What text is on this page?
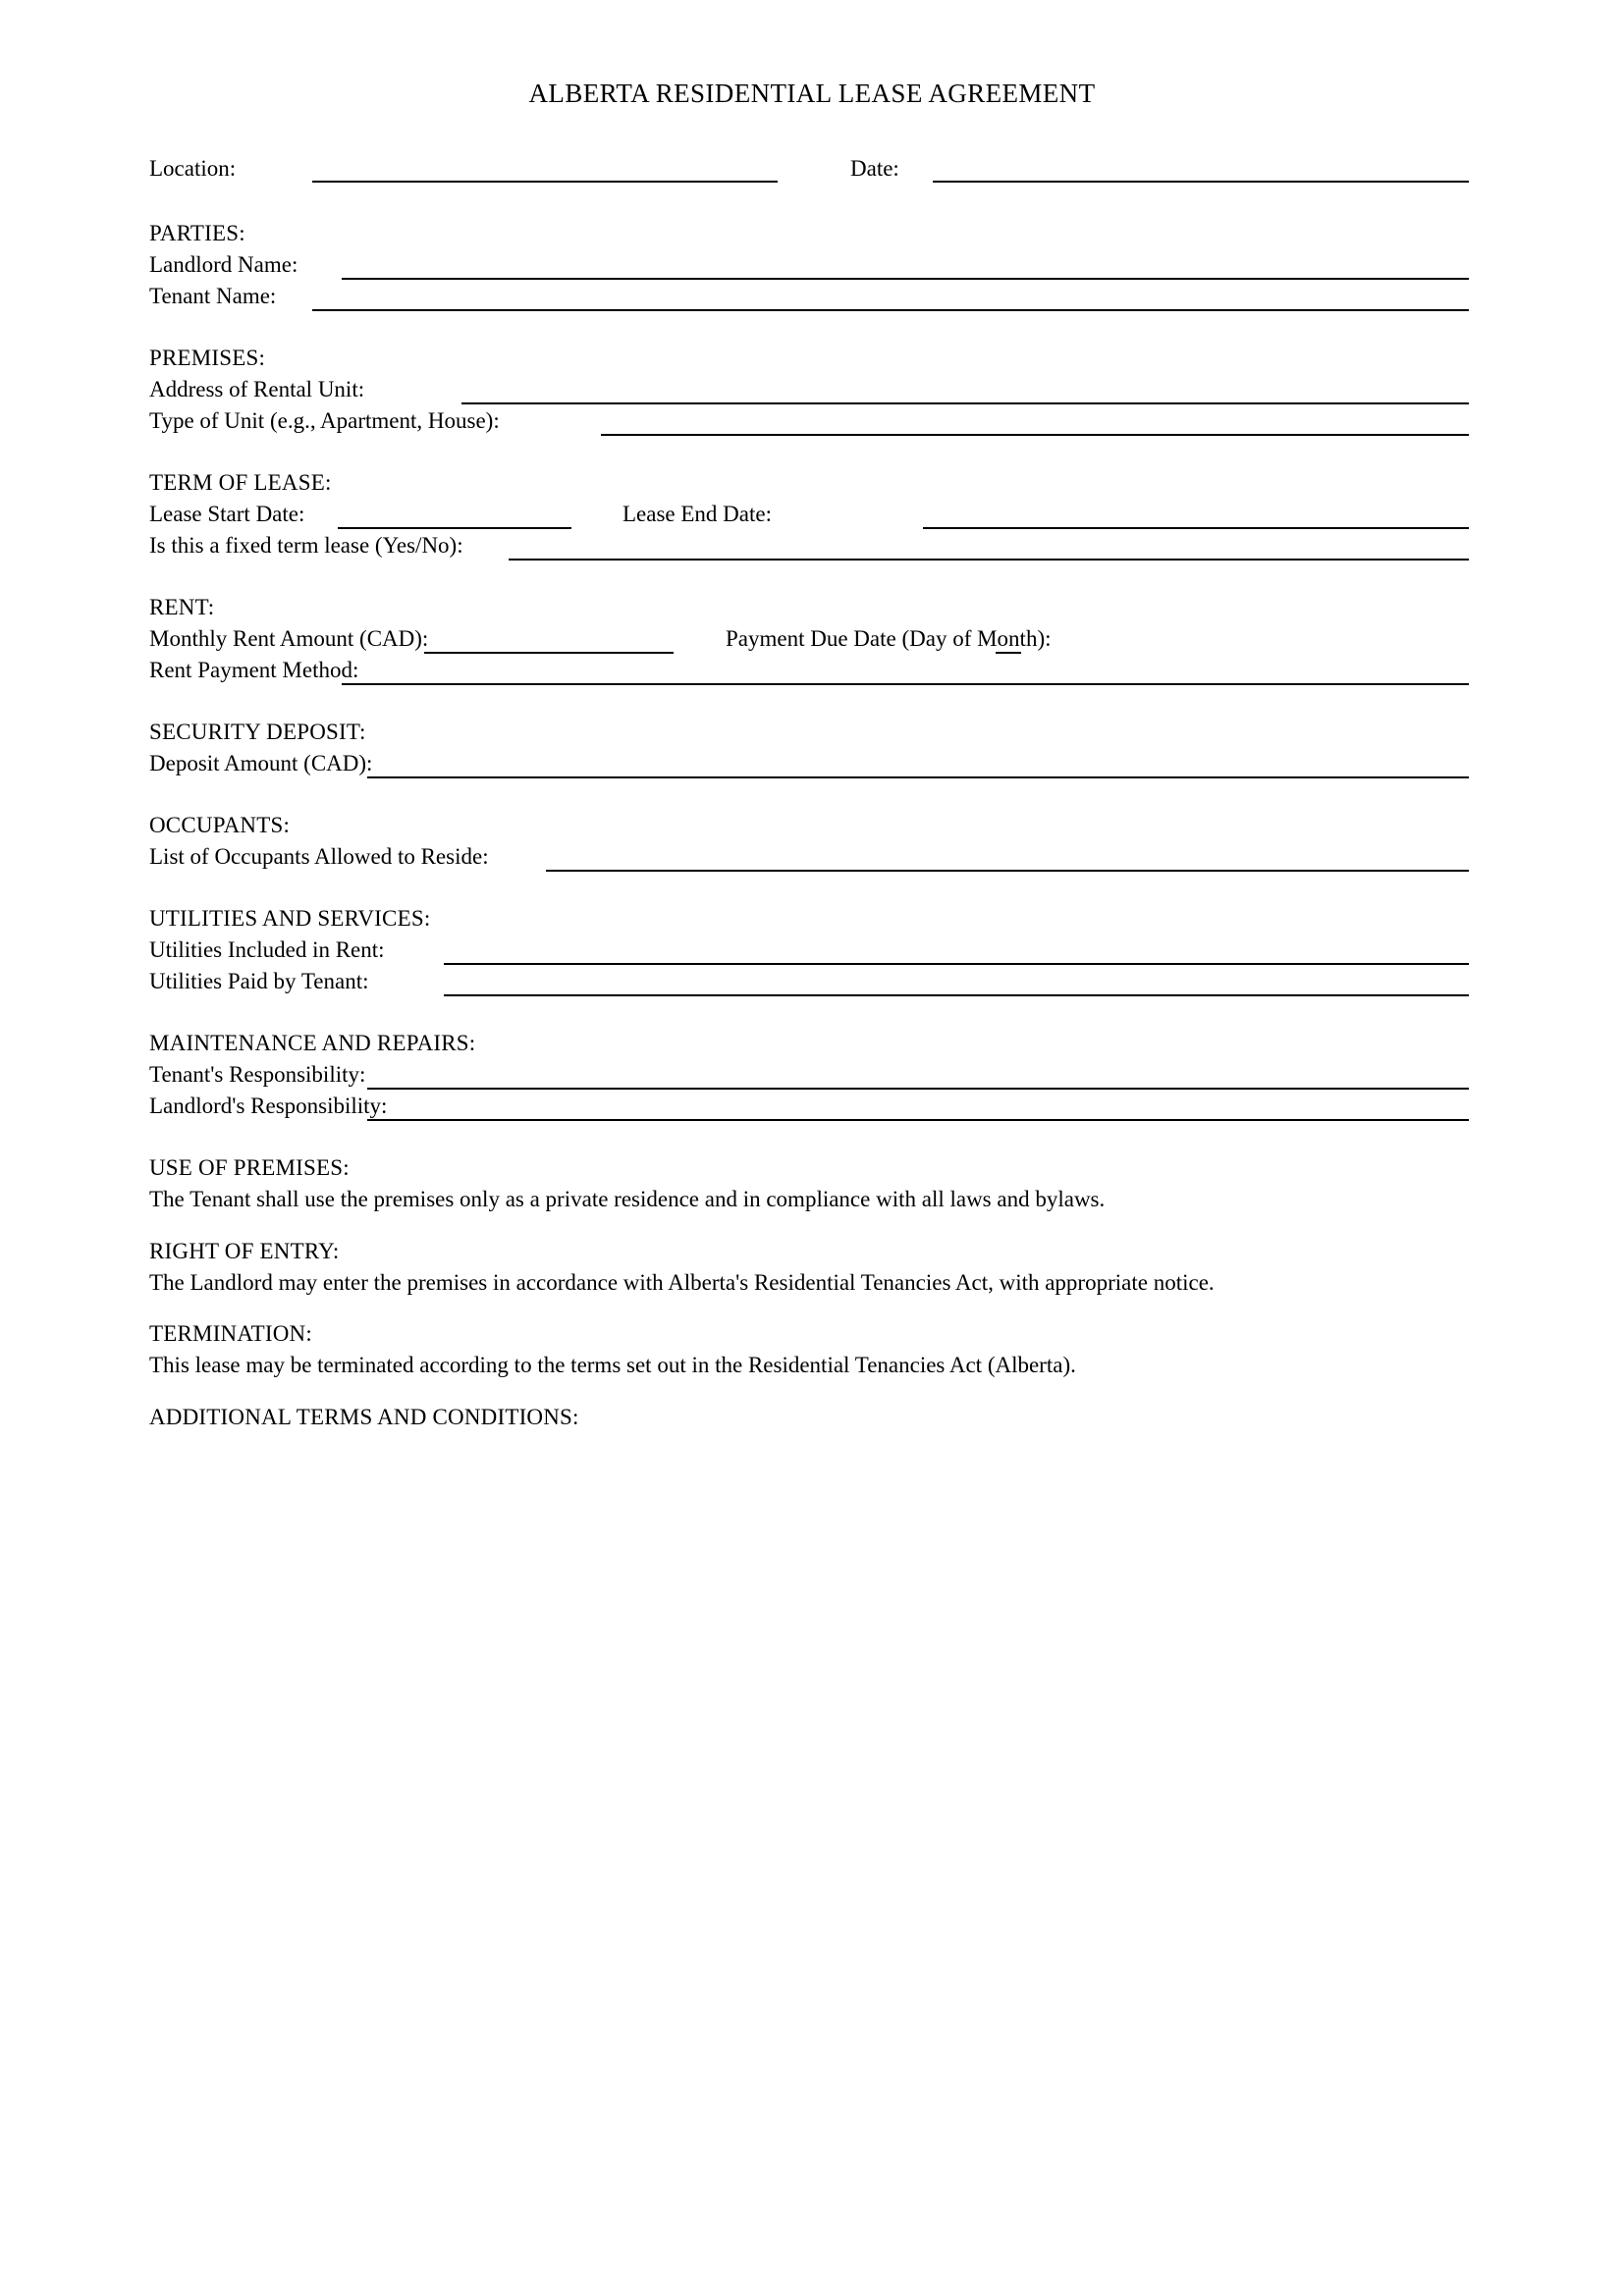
ALBERTA RESIDENTIAL LEASE AGREEMENT
Location:	Date:
PARTIES:
Landlord Name:
Tenant Name:
PREMISES:
Address of Rental Unit:
Type of Unit (e.g., Apartment, House):
TERM OF LEASE:
Lease Start Date:	Lease End Date:
Is this a fixed term lease (Yes/No):
RENT:
Monthly Rent Amount (CAD):	Payment Due Date (Day of Month):
Rent Payment Method:
SECURITY DEPOSIT:
Deposit Amount (CAD):
OCCUPANTS:
List of Occupants Allowed to Reside:
UTILITIES AND SERVICES:
Utilities Included in Rent:
Utilities Paid by Tenant:
MAINTENANCE AND REPAIRS:
Tenant's Responsibility:
Landlord's Responsibility:
USE OF PREMISES:
The Tenant shall use the premises only as a private residence and in compliance with all laws and bylaws.
RIGHT OF ENTRY:
The Landlord may enter the premises in accordance with Alberta's Residential Tenancies Act, with appropriate notice.
TERMINATION:
This lease may be terminated according to the terms set out in the Residential Tenancies Act (Alberta).
ADDITIONAL TERMS AND CONDITIONS:
